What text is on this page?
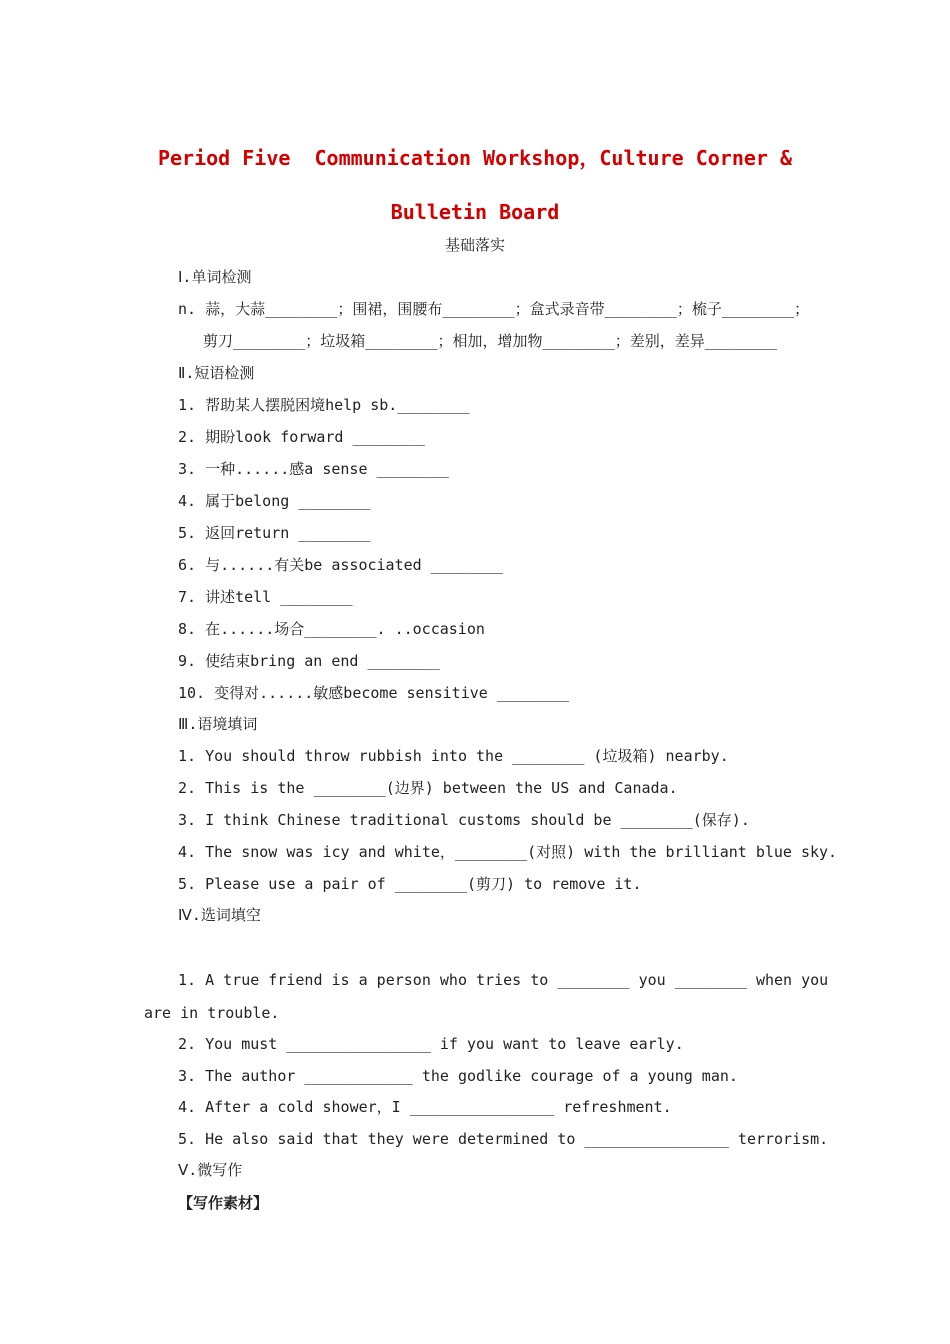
Period Five  Communication Workshop，Culture Corner &
Bulletin Board
基础落实
Ⅰ.单词检测
n. 蒜，大蒜________；围裙，围腰布________；盒式录音带________；梳子________；
剪刀________；垃圾箱________；相加，增加物________；差别，差异________
Ⅱ.短语检测
1. 帮助某人摆脱困境help sb.________
2. 期盼look forward ________
3. 一种......感a sense ________
4. 属于belong ________
5. 返回return ________
6. 与......有关be associated ________
7. 讲述tell ________
8. 在......场合________. ..occasion
9. 使结束bring an end ________
10. 变得对......敏感become sensitive ________
Ⅲ.语境填词
1. You should throw rubbish into the ________ (垃圾箱) nearby.
2. This is the ________(边界) between the US and Canada.
3. I think Chinese traditional customs should be ________(保存).
4. The snow was icy and white，________(对照) with the brilliant blue sky.
5. Please use a pair of ________(剪刀) to remove it.
Ⅳ.选词填空
1. A true friend is a person who tries to ________ you ________ when you
are in trouble.
2. You must ________________ if you want to leave early.
3. The author ____________ the godlike courage of a young man.
4. After a cold shower，I ________________ refreshment.
5. He also said that they were determined to ________________ terrorism.
Ⅴ.微写作
【写作素材】
